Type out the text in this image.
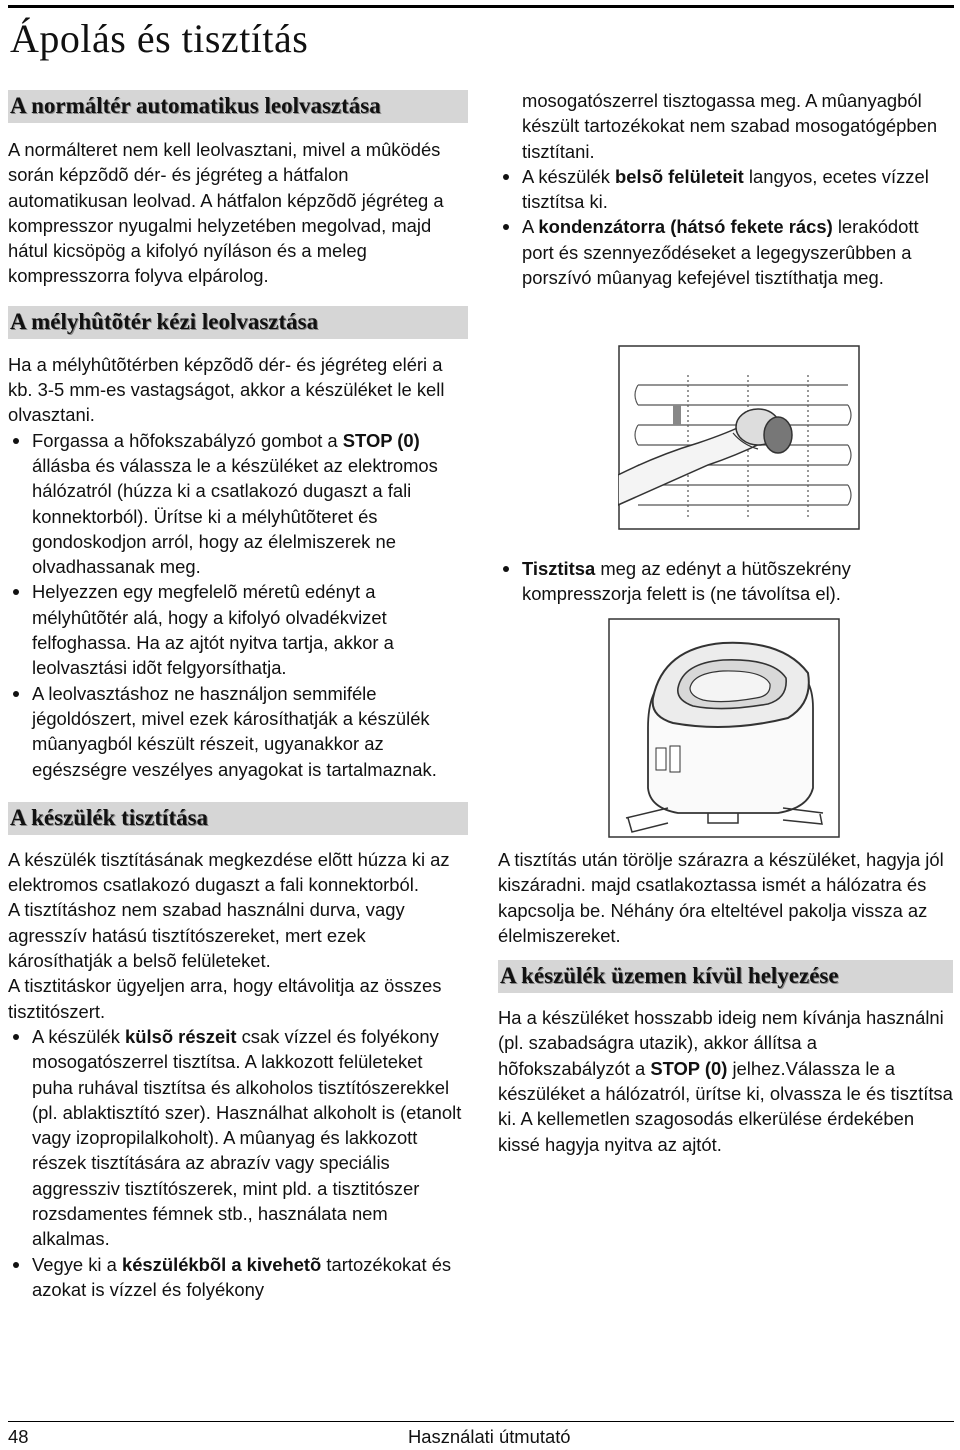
Ápolás és tisztítás
A normáltér automatikus leolvasztása

A normálteret nem kell leolvasztani, mivel a mûködés során képzõdõ dér- és jégréteg a hátfalon automatikusan leolvad. A hátfalon képzõdõ jégréteg a kompresszor nyugalmi helyzetében megolvad, majd hátul kicsöpög a kifolyó nyíláson és a meleg kompresszorra folyva elpárolog.

A mélyhûtõtér kézi leolvasztása

Ha a mélyhûtõtérben képzõdõ dér- és jégréteg eléri a kb. 3-5 mm-es vastagságot, akkor a készüléket le kell olvasztani.

Forgassa a hõfokszabályzó gombot a STOP (0) állásba és válassza le a készüléket az elektromos hálózatról (húzza ki a csatlakozó dugaszt a fali konnektorból). Ürítse ki a mélyhûtõteret és gondoskodjon arról, hogy az élelmiszerek ne olvadhassanak meg.
Helyezzen egy megfelelõ méretû edényt a mélyhûtõtér alá, hogy a kifolyó olvadékvizet felfoghassa. Ha az ajtót nyitva tartja, akkor a leolvasztási idõt felgyorsíthatja.
A leolvasztáshoz ne használjon semmiféle jégoldószert, mivel ezek károsíthatják a készülék mûanyagból készült részeit, ugyanakkor az egészségre veszélyes anyagokat is tartalmaznak.
A készülék tisztítása

A készülék tisztításának megkezdése elõtt húzza ki az elektromos csatlakozó dugaszt a fali konnektorból.

A tisztításhoz nem szabad használni durva, vagy agresszív hatású tisztítószereket, mert ezek károsíthatják a belsõ felületeket.

A tisztitáskor ügyeljen arra, hogy eltávolitja az összes tisztitószert.

A készülék külsõ részeit csak vízzel és folyékony mosogatószerrel tisztítsa. A lakkozott felületeket puha ruhával tisztítsa és alkoholos tisztítószerekkel (pl. ablaktisztító szer). Használhat alkoholt is (etanolt vagy izopropilalkoholt). A mûanyag és lakkozott részek tisztítására az abrazív vagy speciális aggressziv tisztítószerek, mint pld. a tisztitószer rozsdamentes fémnek stb., használata nem alkalmas.
Vegye ki a készülékbõl a kivehetõ tartozékokat és azokat is vízzel és folyékony
mosogatószerrel tisztogassa meg. A mûanyagból készült tartozékokat nem szabad mosogatógépben tisztítani.
A készülék belsõ felületeit langyos, ecetes vízzel tisztítsa ki.
A kondenzátorra (hátsó fekete rács) lerakódott port és szennyeződéseket a legegyszerûbben a porszívó mûanyag kefejével tisztíthatja meg.
Tisztitsa meg az edényt a hütõszekrény kompresszorja felett is (ne távolítsa el).

A tisztítás után törölje szárazra a készüléket, hagyja jól kiszáradni. majd csatlakoztassa ismét a hálózatra és kapcsolja be. Néhány óra elteltével pakolja vissza az élelmiszereket.

A készülék üzemen kívül helyezése

Ha a készüléket hosszabb ideig nem kívánja használni (pl. szabadságra utazik), akkor állítsa a hõfokszabályzót a STOP (0) jelhez.Válassza le a készüléket a hálózatról, ürítse ki, olvassza le és tisztítsa ki. A kellemetlen szagosodás elkerülése érdekében kissé hagyja nyitva az ajtót.

48	Használati útmutató
